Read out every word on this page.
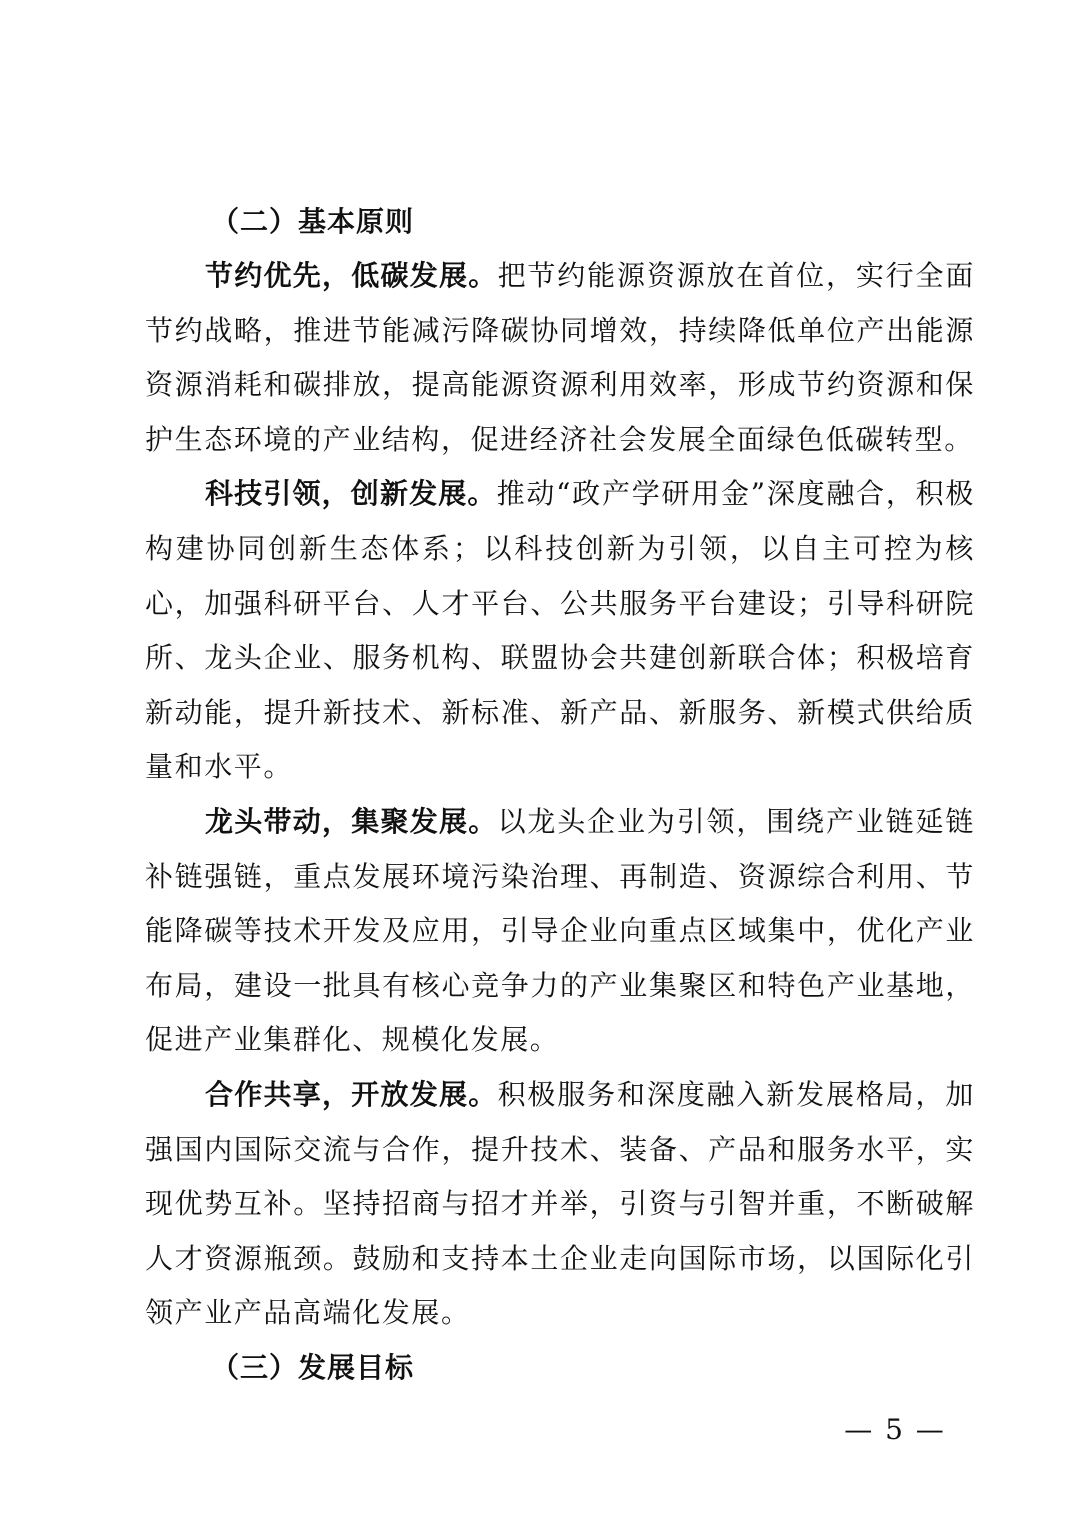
（二）基本原则

节约优先，低碳发展。把节约能源资源放在首位，实行全面节约战略，推进节能减污降碳协同增效，持续降低单位产出能源资源消耗和碳排放，提高能源资源利用效率，形成节约资源和保护生态环境的产业结构，促进经济社会发展全面绿色低碳转型。

科技引领，创新发展。推动“政产学研用金”深度融合，积极构建协同创新生态体系；以科技创新为引领，以自主可控为核心，加强科研平台、人才平台、公共服务平台建设；引导科研院所、龙头企业、服务机构、联盟协会共建创新联合体；积极培育新动能，提升新技术、新标准、新产品、新服务、新模式供给质量和水平。

龙头带动，集聚发展。以龙头企业为引领，围绕产业链延链补链强链，重点发展环境污染治理、再制造、资源综合利用、节能降碳等技术开发及应用，引导企业向重点区域集中，优化产业布局，建设一批具有核心竞争力的产业集聚区和特色产业基地，促进产业集群化、规模化发展。

合作共享，开放发展。积极服务和深度融入新发展格局，加强国内国际交流与合作，提升技术、装备、产品和服务水平，实现优势互补。坚持招商与招才并举，引资与引智并重，不断破解人才资源瓶颈。鼓励和支持本土企业走向国际市场，以国际化引领产业产品高端化发展。

（三）发展目标

— 5 —
